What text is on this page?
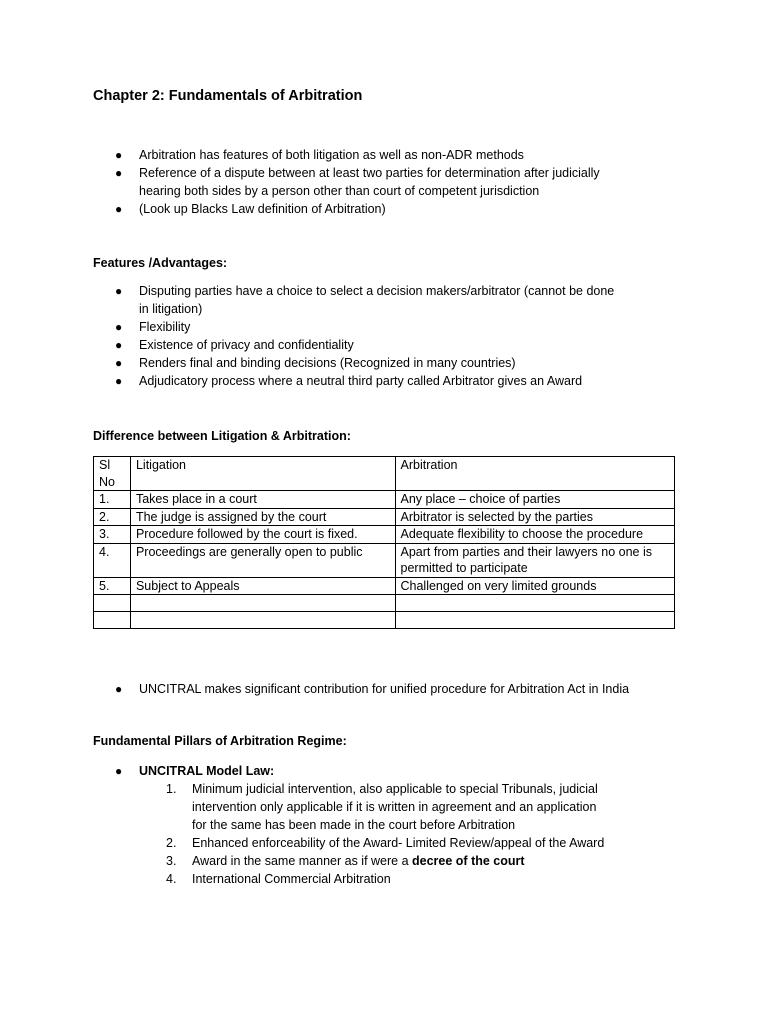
Chapter 2: Fundamentals of Arbitration
● Arbitration has features of both litigation as well as non-ADR methods
● Reference of a dispute between at least two parties for determination after judicially hearing both sides by a person other than court of competent jurisdiction
● (Look up Blacks Law definition of Arbitration)
Features /Advantages:
● Disputing parties have a choice to select a decision makers/arbitrator (cannot be done in litigation)
● Flexibility
● Existence of privacy and confidentiality
● Renders final and binding decisions (Recognized in many countries)
● Adjudicatory process where a neutral third party called Arbitrator gives an Award
Difference between Litigation & Arbitration:
Sl No	Litigation	Arbitration
1.	Takes place in a court	Any place – choice of parties
2.	The judge is assigned by the court	Arbitrator is selected by the parties
3.	Procedure followed by the court is fixed.	Adequate flexibility to choose the procedure
4.	Proceedings are generally open to public	Apart from parties and their lawyers no one is permitted to participate
5.	Subject to Appeals	Challenged on very limited grounds

● UNCITRAL makes significant contribution for unified procedure for Arbitration Act in India
Fundamental Pillars of Arbitration Regime:
● UNCITRAL Model Law:
1. Minimum judicial intervention, also applicable to special Tribunals, judicial intervention only applicable if it is written in agreement and an application for the same has been made in the court before Arbitration
2. Enhanced enforceability of the Award- Limited Review/appeal of the Award
3. Award in the same manner as if were a decree of the court
4. International Commercial Arbitration
